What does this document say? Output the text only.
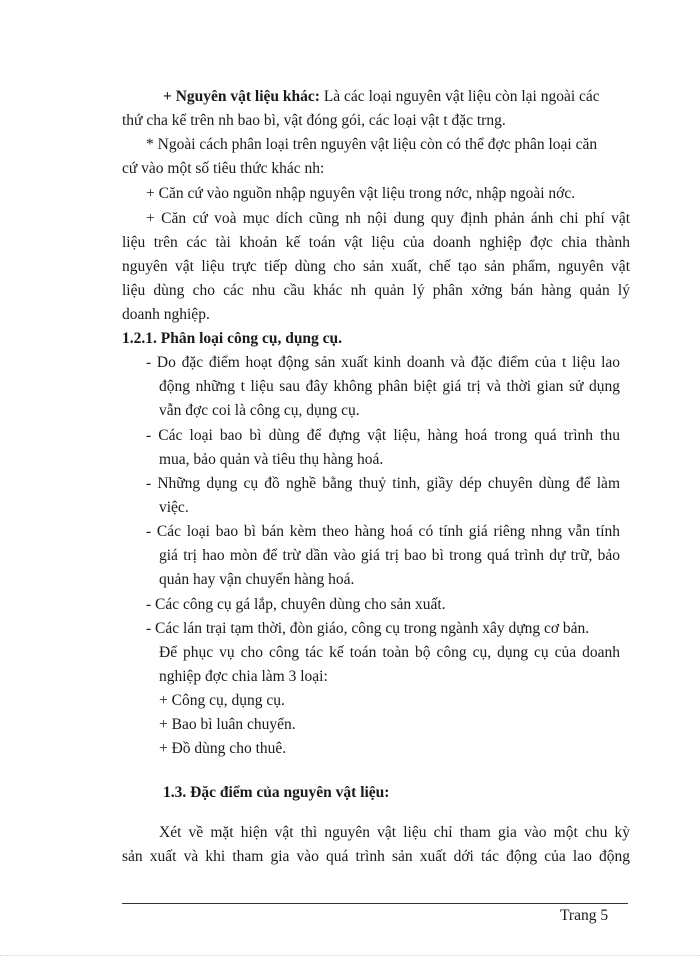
+ Nguyên vật liệu khác: Là các loại nguyên vật liệu còn lại ngoài các

thứ cha kể trên nh bao bì, vật đóng gói, các loại vật t đặc trng.

* Ngoài cách phân loại trên nguyên vật liệu còn có thể đợc phân loại căn

cứ vào một số tiêu thức khác nh:

+ Căn cứ vào nguồn nhập nguyên vật liệu trong nớc, nhập ngoài nớc.

+ Căn cứ voà mục dích cũng nh nội dung quy định phản ánh chi phí vật

liệu trên các tài khoản kế toán vật liệu của doanh nghiệp đợc chia thành

nguyên vật liệu trực tiếp dùng cho sản xuất, chế tạo sản phẩm, nguyên vật

liệu dùng cho các nhu cầu khác nh quản lý phân xởng bán hàng quản lý

doanh nghiệp.

1.2.1. Phân loại công cụ, dụng cụ.

- Do đặc điểm hoạt động sản xuất kinh doanh và đặc điểm của t liệu lao

động những t liệu sau đây không phân biệt giá trị và thời gian sử dụng

vẫn đợc coi là công cụ, dụng cụ.

- Các loại bao bì dùng để đựng vật liệu, hàng hoá trong quá trình thu

mua, bảo quản và tiêu thụ hàng hoá.

- Những dụng cụ đồ nghề bằng thuỷ tinh, giầy dép chuyên dùng để làm

việc.

- Các loại bao bì bán kèm theo hàng hoá có tính giá riêng nhng vẫn tính

giá trị hao mòn để trừ dần vào giá trị bao bì trong quá trình dự trữ, bảo

quản hay vận chuyển hàng hoá.

- Các công cụ gá lắp, chuyên dùng cho sản xuất.

- Các lán trại tạm thời, đòn giáo, công cụ trong ngành xây dựng cơ bản.

Để phục vụ cho công tác kế toán toàn bộ công cụ, dụng cụ của doanh

nghiệp đợc chia làm 3 loại:

+ Công cụ, dụng cụ.

+ Bao bì luân chuyển.

+ Đồ dùng cho thuê.

1.3. Đặc điểm của nguyên vật liệu:

Xét về mặt hiện vật thì nguyên vật liệu chỉ tham gia vào một chu kỳ

sản xuất và khi tham gia vào quá trình sản xuất dới tác động của lao động

Trang 5
